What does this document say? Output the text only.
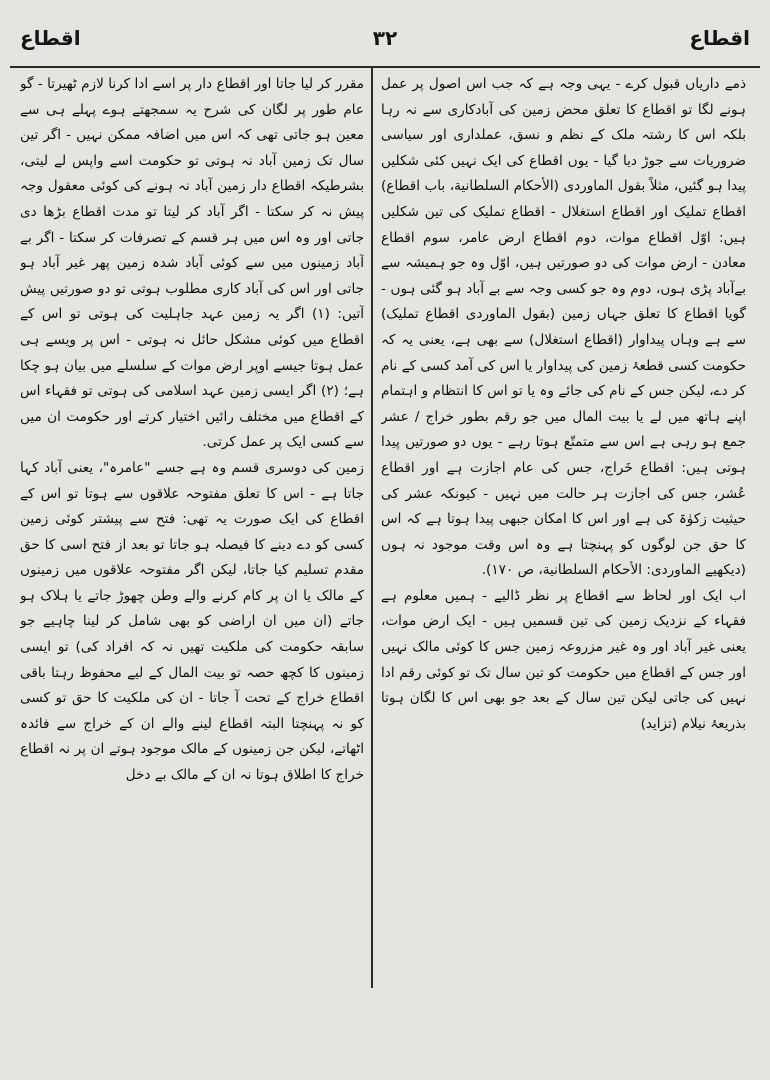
اقطاع
۳۲
اقطاع

ذمے داریاں قبول کرے - یہی وجہ ہے کہ جب اس اصول پر عمل ہونے لگا تو اقطاع کا تعلق محض زمین کی آبادکاری سے نہ رہا بلکہ اس کا رشتہ ملک کے نظم و نسق، عملداری اور سیاسی ضروریات سے جوڑ دیا گیا - یوں اقطاع کی ایک نہیں کئی شکلیں پیدا ہو گئیں، مثلاً بقول الماوردی (الأحكام السلطانية، باب اقطاع) اقطاع تملیک اور اقطاع استغلال - اقطاع تملیک کی تین شکلیں ہیں: اوّل اقطاع موات، دوم اقطاع ارض عامر، سوم اقطاع معادن - ارض موات کی دو صورتیں ہیں، اوّل وہ جو ہمیشہ سے بےآباد پڑی ہوں، دوم وہ جو کسی وجہ سے بے آباد ہو گئی ہوں - گویا اقطاع کا تعلق جہاں زمین (بقول الماوردی اقطاع تملیک) سے ہے وہاں پیداوار (اقطاع استغلال) سے بھی ہے، یعنی یہ کہ حکومت کسی قطعۂ زمین کی پیداوار یا اس کی آمد کسی کے نام کر دے، لیکن جس کے نام کی جائے وہ یا تو اس کا انتظام و اہتمام اپنے ہاتھ میں لے یا بیت المال میں جو رقم بطور خراج / عشر جمع ہو رہی ہے اس سے متمتّع ہوتا رہے - یوں دو صورتیں پیدا ہوتی ہیں: اقطاع خَراج، جس کی عام اجازت ہے اور اقطاع عُشر، جس کی اجازت ہر حالت میں نہیں - کیونکہ عشر کی حیثیت زکوٰۃ کی ہے اور اس کا امکان جبھی پیدا ہوتا ہے کہ اس کا حق جن لوگوں کو پہنچتا ہے وہ اس وقت موجود نہ ہوں (دیکھیے الماوردی: الأحكام السلطانية، ص ۱۷۰).

اب ایک اور لحاظ سے اقطاع پر نظر ڈالیے - ہمیں معلوم ہے فقہاء کے نزدیک زمین کی تین قسمیں ہیں - ایک ارض موات، یعنی غیر آباد اور وہ غیر مزروعہ زمین جس کا کوئی مالک نہیں اور جس کے اقطاع میں حکومت کو تین سال تک تو کوئی رقم ادا نہیں کی جاتی لیکن تین سال کے بعد جو بھی اس کا لگان ہوتا بذریعۂ نیلام (تزاید)

مقرر کر لیا جاتا اور اقطاع دار پر اسے ادا کرنا لازم ٹھیرتا - گو عام طور پر لگان کی شرح یہ سمجھتے ہوے پہلے ہی سے معین ہو جاتی تھی کہ اس میں اضافہ ممکن نہیں - اگر تین سال تک زمین آباد نہ ہوتی تو حکومت اسے واپس لے لیتی، بشرطیکہ اقطاع دار زمین آباد نہ ہونے کی کوئی معقول وجہ پیش نہ کر سکتا - اگر آباد کر لیتا تو مدت اقطاع بڑھا دی جاتی اور وہ اس میں ہر قسم کے تصرفات کر سکتا - اگر بے آباد زمینوں میں سے کوئی آباد شدہ زمین پھر غیر آباد ہو جاتی اور اس کی آباد کاری مطلوب ہوتی تو دو صورتیں پیش آتیں: (۱) اگر یہ زمین عہد جاہلیت کی ہوتی تو اس کے اقطاع میں کوئی مشکل حائل نہ ہوتی - اس پر ویسے ہی عمل ہوتا جیسے اوپر ارض موات کے سلسلے میں بیان ہو چکا ہے؛ (۲) اگر ایسی زمین عہد اسلامی کی ہوتی تو فقہاء اس کے اقطاع میں مختلف رائیں اختیار کرتے اور حکومت ان میں سے کسی ایک پر عمل کرتی.

زمین کی دوسری قسم وہ ہے جسے "عامرہ"، یعنی آباد کہا جاتا ہے - اس کا تعلق مفتوحہ علاقوں سے ہوتا تو اس کے اقطاع کی ایک صورت یہ تھی: فتح سے پیشتر کوئی زمین کسی کو دے دینے کا فیصلہ ہو جاتا تو بعد از فتح اسی کا حق مقدم تسلیم کیا جاتا، لیکن اگر مفتوحہ علاقوں میں زمینوں کے مالک یا ان پر کام کرنے والے وطن چھوڑ جاتے یا ہلاک ہو جاتے (ان میں ان اراضی کو بھی شامل کر لینا چاہیے جو سابقہ حکومت کی ملکیت تھیں نہ کہ افراد کی) تو ایسی زمینوں کا کچھ حصہ تو بیت المال کے لیے محفوظ رہتا باقی اقطاع خراج کے تحت آ جاتا - ان کی ملکیت کا حق تو کسی کو نہ پہنچتا البتہ اقطاع لینے والے ان کے خراج سے فائدہ اٹھاتے، لیکن جن زمینوں کے مالک موجود ہوتے ان پر نہ اقطاع خراج کا اطلاق ہوتا نہ ان کے مالک بے دخل
